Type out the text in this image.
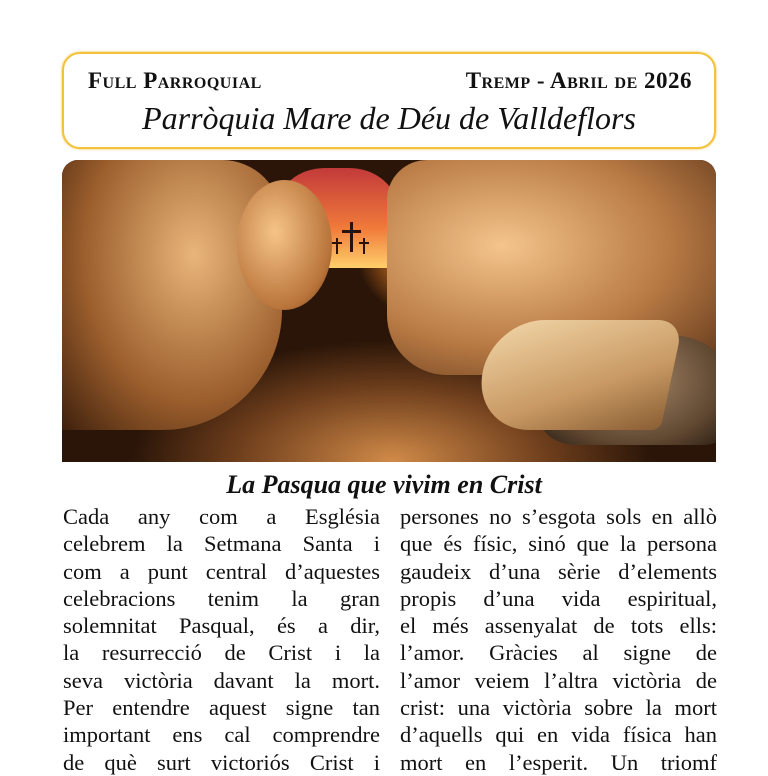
Full Parroquial	Tremp - Abril de 2026
Parròquia Mare de Déu de Valldeflors
La Pasqua que vivim en Crist
Cada any com a Església
celebrem la Setmana Santa i
com a punt central d’aquestes
celebracions tenim la gran
solemnitat Pasqual, és a dir,
la resurrecció de Crist i la
seva victòria davant la mort.
Per entendre aquest signe tan
important ens cal comprendre
de què surt victoriós Crist i
persones no s’esgota sols en allò
que és físic, sinó que la persona
gaudeix d’una sèrie d’elements
propis d’una vida espiritual,
el més assenyalat de tots ells:
l’amor. Gràcies al signe de
l’amor veiem l’altra victòria de
crist: una victòria sobre la mort
d’aquells qui en vida física han
mort en l’esperit. Un triomf
